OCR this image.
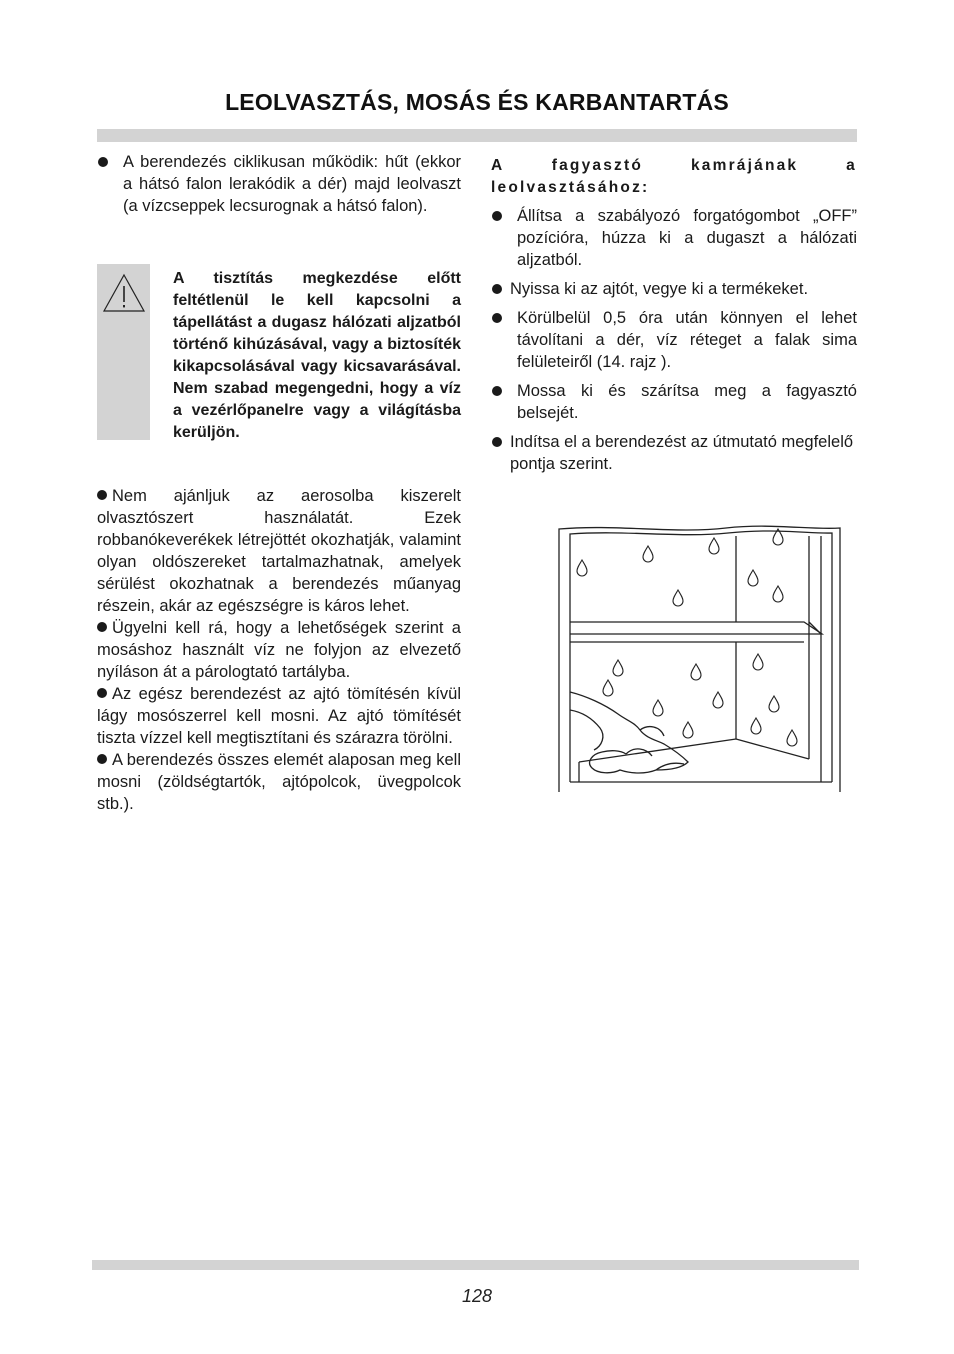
LEOLVASZTÁS, MOSÁS ÉS KARBANTARTÁS

A berendezés ciklikusan működik: hűt (ekkor a hátsó falon lerakódik a dér) majd leolvaszt (a vízcseppek lecsurognak a hátsó falon).

A tisztítás megkezdése előtt feltétlenül le kell kapcsolni a tápellátást a dugasz hálózati aljzatból történő kihúzásával, vagy a biztosíték kikapcsolásával vagy kicsavarásával. Nem szabad megengedni, hogy a víz a vezérlőpanelre vagy a világításba kerüljön.

Nem ajánljuk az aerosolba kiszerelt olvasztószert használatát. Ezek robbanókeverékek létrejöttét okozhatják, valamint olyan oldószereket tartalmazhatnak, amelyek sérülést okozhatnak a berendezés műanyag részein, akár az egészségre is káros lehet.

Ügyelni kell rá, hogy a lehetőségek szerint a mosáshoz használt víz ne folyjon az elvezető nyíláson át a párologtató tartályba.

Az egész berendezést az ajtó tömítésén kívül lágy mosószerrel kell mosni. Az ajtó tömítését tiszta vízzel kell megtisztítani és szárazra törölni.

A berendezés összes elemét alaposan meg kell mosni (zöldségtartók, ajtópolcok, üvegpolcok stb.).

A fagyasztó kamrájának a leolvasztásához:

Állítsa a szabályozó forgatógombot „OFF” pozícióra, húzza ki a dugaszt a hálózati aljzatból.

Nyissa ki az ajtót, vegye ki a termékeket.

Körülbelül 0,5 óra után könnyen el lehet távolítani a dér, víz réteget a falak sima felületeiről (14. rajz ).

Mossa ki és szárítsa meg a fagyasztó belsejét.

Indítsa el a berendezést az útmutató megfelelő pontja szerint.

128
